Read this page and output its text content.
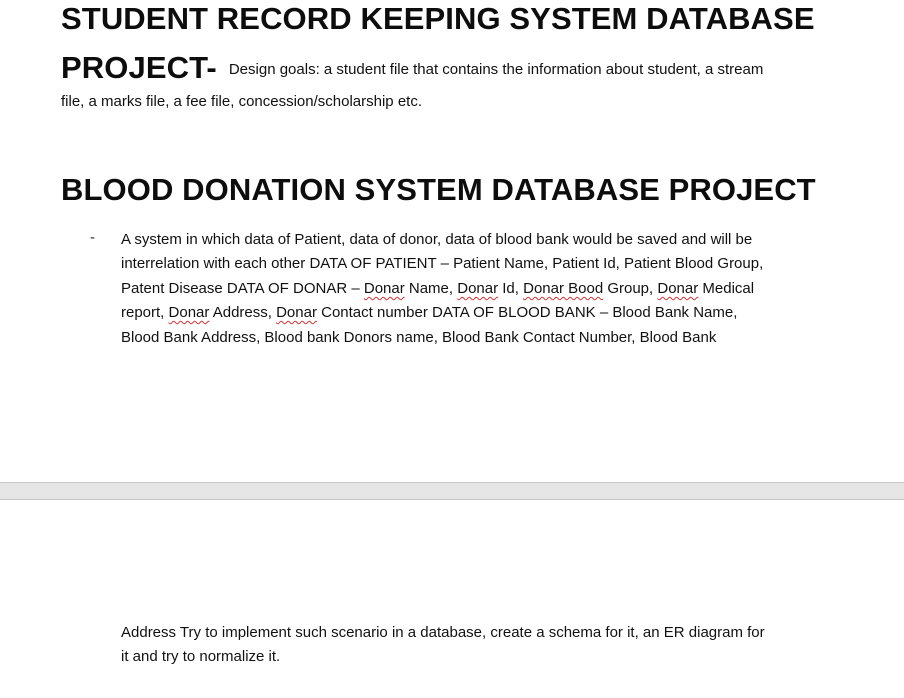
STUDENT RECORD KEEPING SYSTEM DATABASE
PROJECT- Design goals: a student file that contains the information about student, a stream
file, a marks file, a fee file, concession/scholarship etc.
BLOOD DONATION SYSTEM DATABASE PROJECT
- A system in which data of Patient, data of donor, data of blood bank would be saved and will be
interrelation with each other DATA OF PATIENT – Patient Name, Patient Id, Patient Blood Group,
Patent Disease DATA OF DONAR – Donar Name, Donar Id, Donar Bood Group, Donar Medical
report, Donar Address, Donar Contact number DATA OF BLOOD BANK – Blood Bank Name,
Blood Bank Address, Blood bank Donors name, Blood Bank Contact Number, Blood Bank
Address Try to implement such scenario in a database, create a schema for it, an ER diagram for
it and try to normalize it.
